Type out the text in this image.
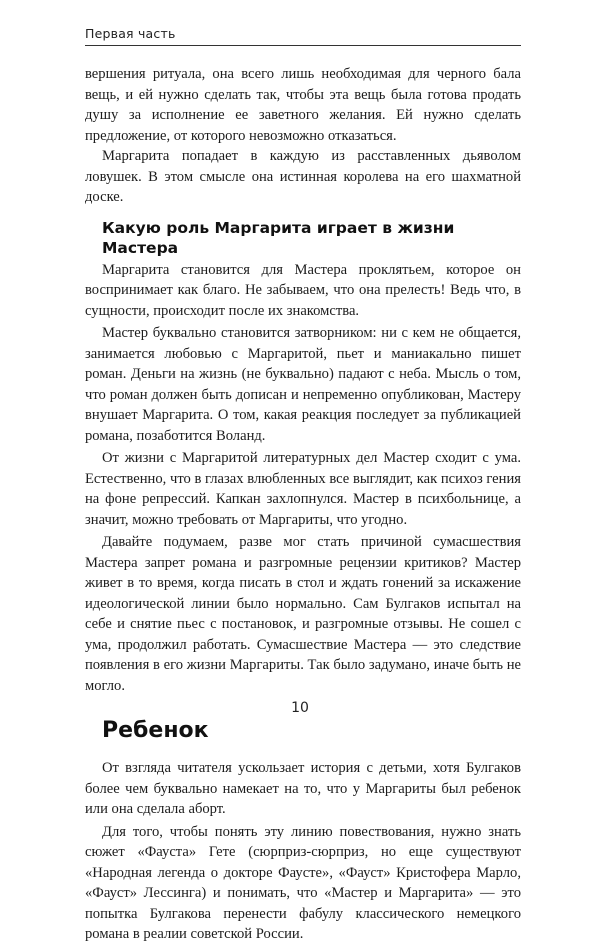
Первая часть

вершения ритуала, она всего лишь необходимая для черного бала вещь, и ей нужно сделать так, чтобы эта вещь была готова продать душу за исполнение ее заветного желания. Ей нужно сделать предложение, от которого невозможно отказаться.

Маргарита попадает в каждую из расставленных дьяволом ловушек. В этом смысле она истинная королева на его шахматной доске.

Какую роль Маргарита играет в жизни Мастера

Маргарита становится для Мастера проклятьем, которое он воспринимает как благо. Не забываем, что она прелесть! Ведь что, в сущности, происходит после их знакомства.

Мастер буквально становится затворником: ни с кем не общается, занимается любовью с Маргаритой, пьет и маниакально пишет роман. Деньги на жизнь (не буквально) падают с неба. Мысль о том, что роман должен быть дописан и непременно опубликован, Мастеру внушает Маргарита. О том, какая реакция последует за публикацией романа, позаботится Воланд.

От жизни с Маргаритой литературных дел Мастер сходит с ума. Естественно, что в глазах влюбленных все выглядит, как психоз гения на фоне репрессий. Капкан захлопнулся. Мастер в психбольнице, а значит, можно требовать от Маргариты, что угодно.

Давайте подумаем, разве мог стать причиной сумасшествия Мастера запрет романа и разгромные рецензии критиков? Мастер живет в то время, когда писать в стол и ждать гонений за искажение идеологической линии было нормально. Сам Булгаков испытал на себе и снятие пьес с постановок, и разгромные отзывы. Не сошел с ума, продолжил работать. Сумасшествие Мастера — это следствие появления в его жизни Маргариты. Так было задумано, иначе быть не могло.

Ребенок

От взгляда читателя ускользает история с детьми, хотя Булгаков более чем буквально намекает на то, что у Маргариты был ребенок или она сделала аборт.

Для того, чтобы понять эту линию повествования, нужно знать сюжет «Фауста» Гете (сюрприз-сюрприз, но еще существуют «Народная легенда о докторе Фаусте», «Фауст» Кристофера Марло, «Фауст» Лессинга) и понимать, что «Мастер и Маргарита» — это попытка Булгакова перенести фабулу классического немецкого романа в реалии советской России.

10
